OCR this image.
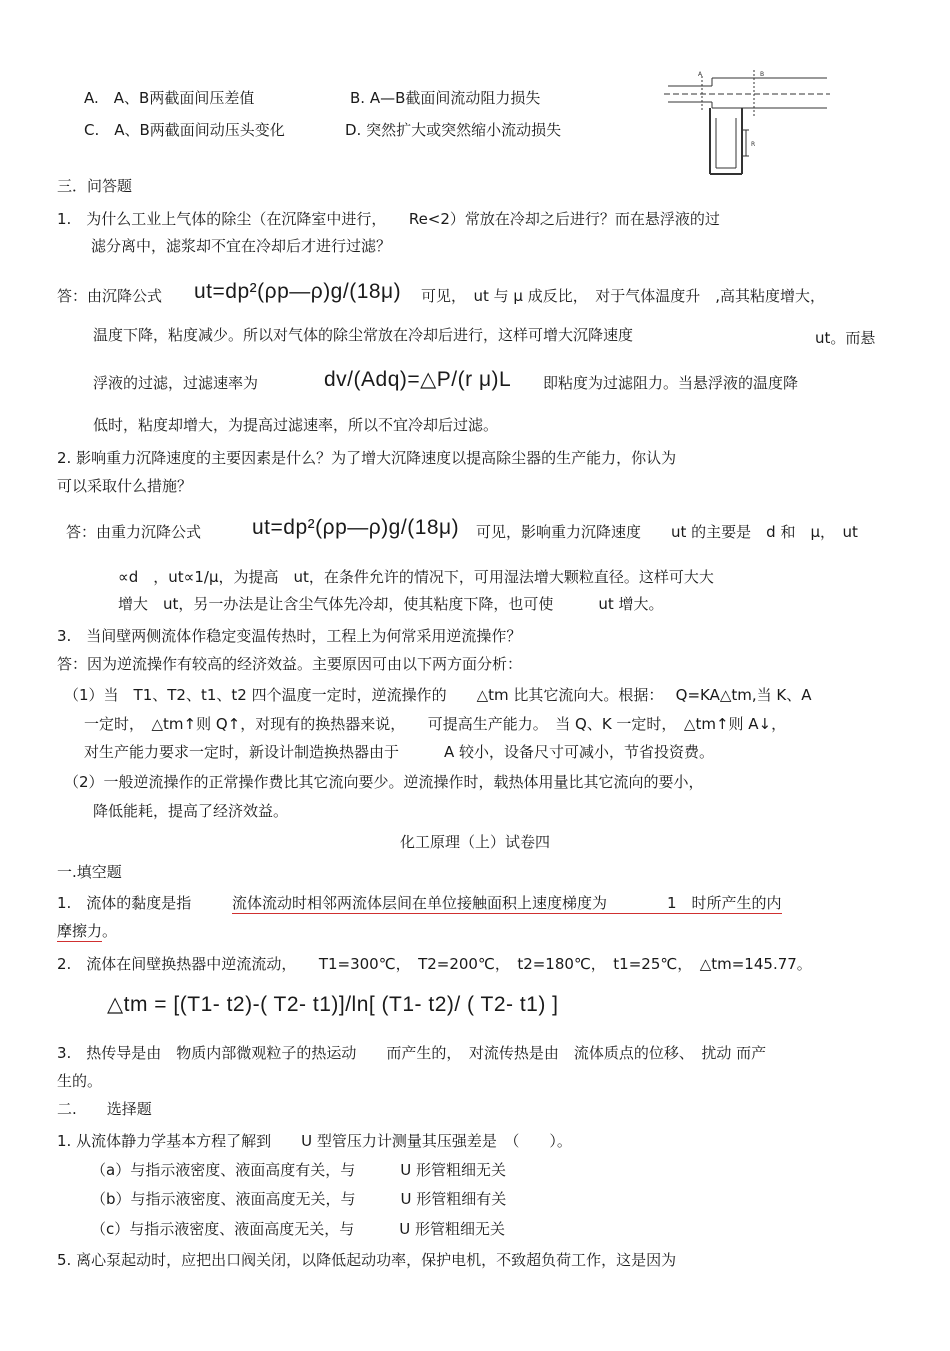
A.　A、B两截面间压差值	B. A—B截面间流动阻力损失
C.　A、B两截面间动压头变化	D. 突然扩大或突然缩小流动损失
A	B
R
三．问答题
1.　为什么工业上气体的除尘（在沉降室中进行，　　Re<2）常放在冷却之后进行？而在悬浮液的过
滤分离中，滤浆却不宜在冷却后才进行过滤？
答：由沉降公式 ut=dp²(ρp—ρ)g/(18μ) 可见，　ut 与 μ 成反比，　对于气体温度升　,高其粘度增大，
温度下降，粘度减少。所以对气体的除尘常放在冷却后进行，这样可增大沉降速度	ut。而悬
浮液的过滤，过滤速率为	dv/(Adq)=△P/(r μ)L 即粘度为过滤阻力。当悬浮液的温度降
低时，粘度却增大，为提高过滤速率，所以不宜冷却后过滤。
2. 影响重力沉降速度的主要因素是什么？为了增大沉降速度以提高除尘器的生产能力，你认为
可以采取什么措施？
答：由重力沉降公式 ut=dp²(ρp—ρ)g/(18μ) 可见，影响重力沉降速度　　ut 的主要是　d 和　μ，　ut
∝d　，ut∝1/μ，为提高　ut，在条件允许的情况下，可用湿法增大颗粒直径。这样可大大
增大　ut，另一办法是让含尘气体先冷却，使其粘度下降，也可使　　　ut 增大。
3.　当间壁两侧流体作稳定变温传热时，工程上为何常采用逆流操作？
答：因为逆流操作有较高的经济效益。主要原因可由以下两方面分析：
（1）当　T1、T2、t1、t2 四个温度一定时，逆流操作的　　△tm 比其它流向大。根据：　 Q=KA△tm,当 K、A
一定时，　△tm↑则 Q↑，对现有的换热器来说，　　可提高生产能力。　当 Q、K 一定时，　△tm↑则 A↓，
对生产能力要求一定时，新设计制造换热器由于　　　A 较小，设备尺寸可减小，节省投资费。
（2）一般逆流操作的正常操作费比其它流向要少。逆流操作时，载热体用量比其它流向的要小，
降低能耗，提高了经济效益。
化工原理（上）试卷四
一.填空题
1.　流体的黏度是指	流体流动时相邻两流体层间在单位接触面积上速度梯度为　　　　1　时所产生的内
摩擦力。
2.　流体在间壁换热器中逆流流动，　　T1=300℃，　T2=200℃，　t2=180℃，　t1=25℃，　△tm=145.77。
△tm = [(T1- t2)-( T2- t1)]/ln[ (T1- t2)/ ( T2- t1) ]
3.　热传导是由　物质内部微观粒子的热运动　　而产生的，　对流传热是由　流体质点的位移、　扰动 而产
生的。
二.　　选择题
1. 从流体静力学基本方程了解到　　U 型管压力计测量其压强差是　（　　）。
（a）与指示液密度、液面高度有关，与　　　U 形管粗细无关
（b）与指示液密度、液面高度无关，与　　　U 形管粗细有关
（c）与指示液密度、液面高度无关，与　　　U 形管粗细无关
5. 离心泵起动时，应把出口阀关闭，以降低起动功率，保护电机，不致超负荷工作，这是因为
